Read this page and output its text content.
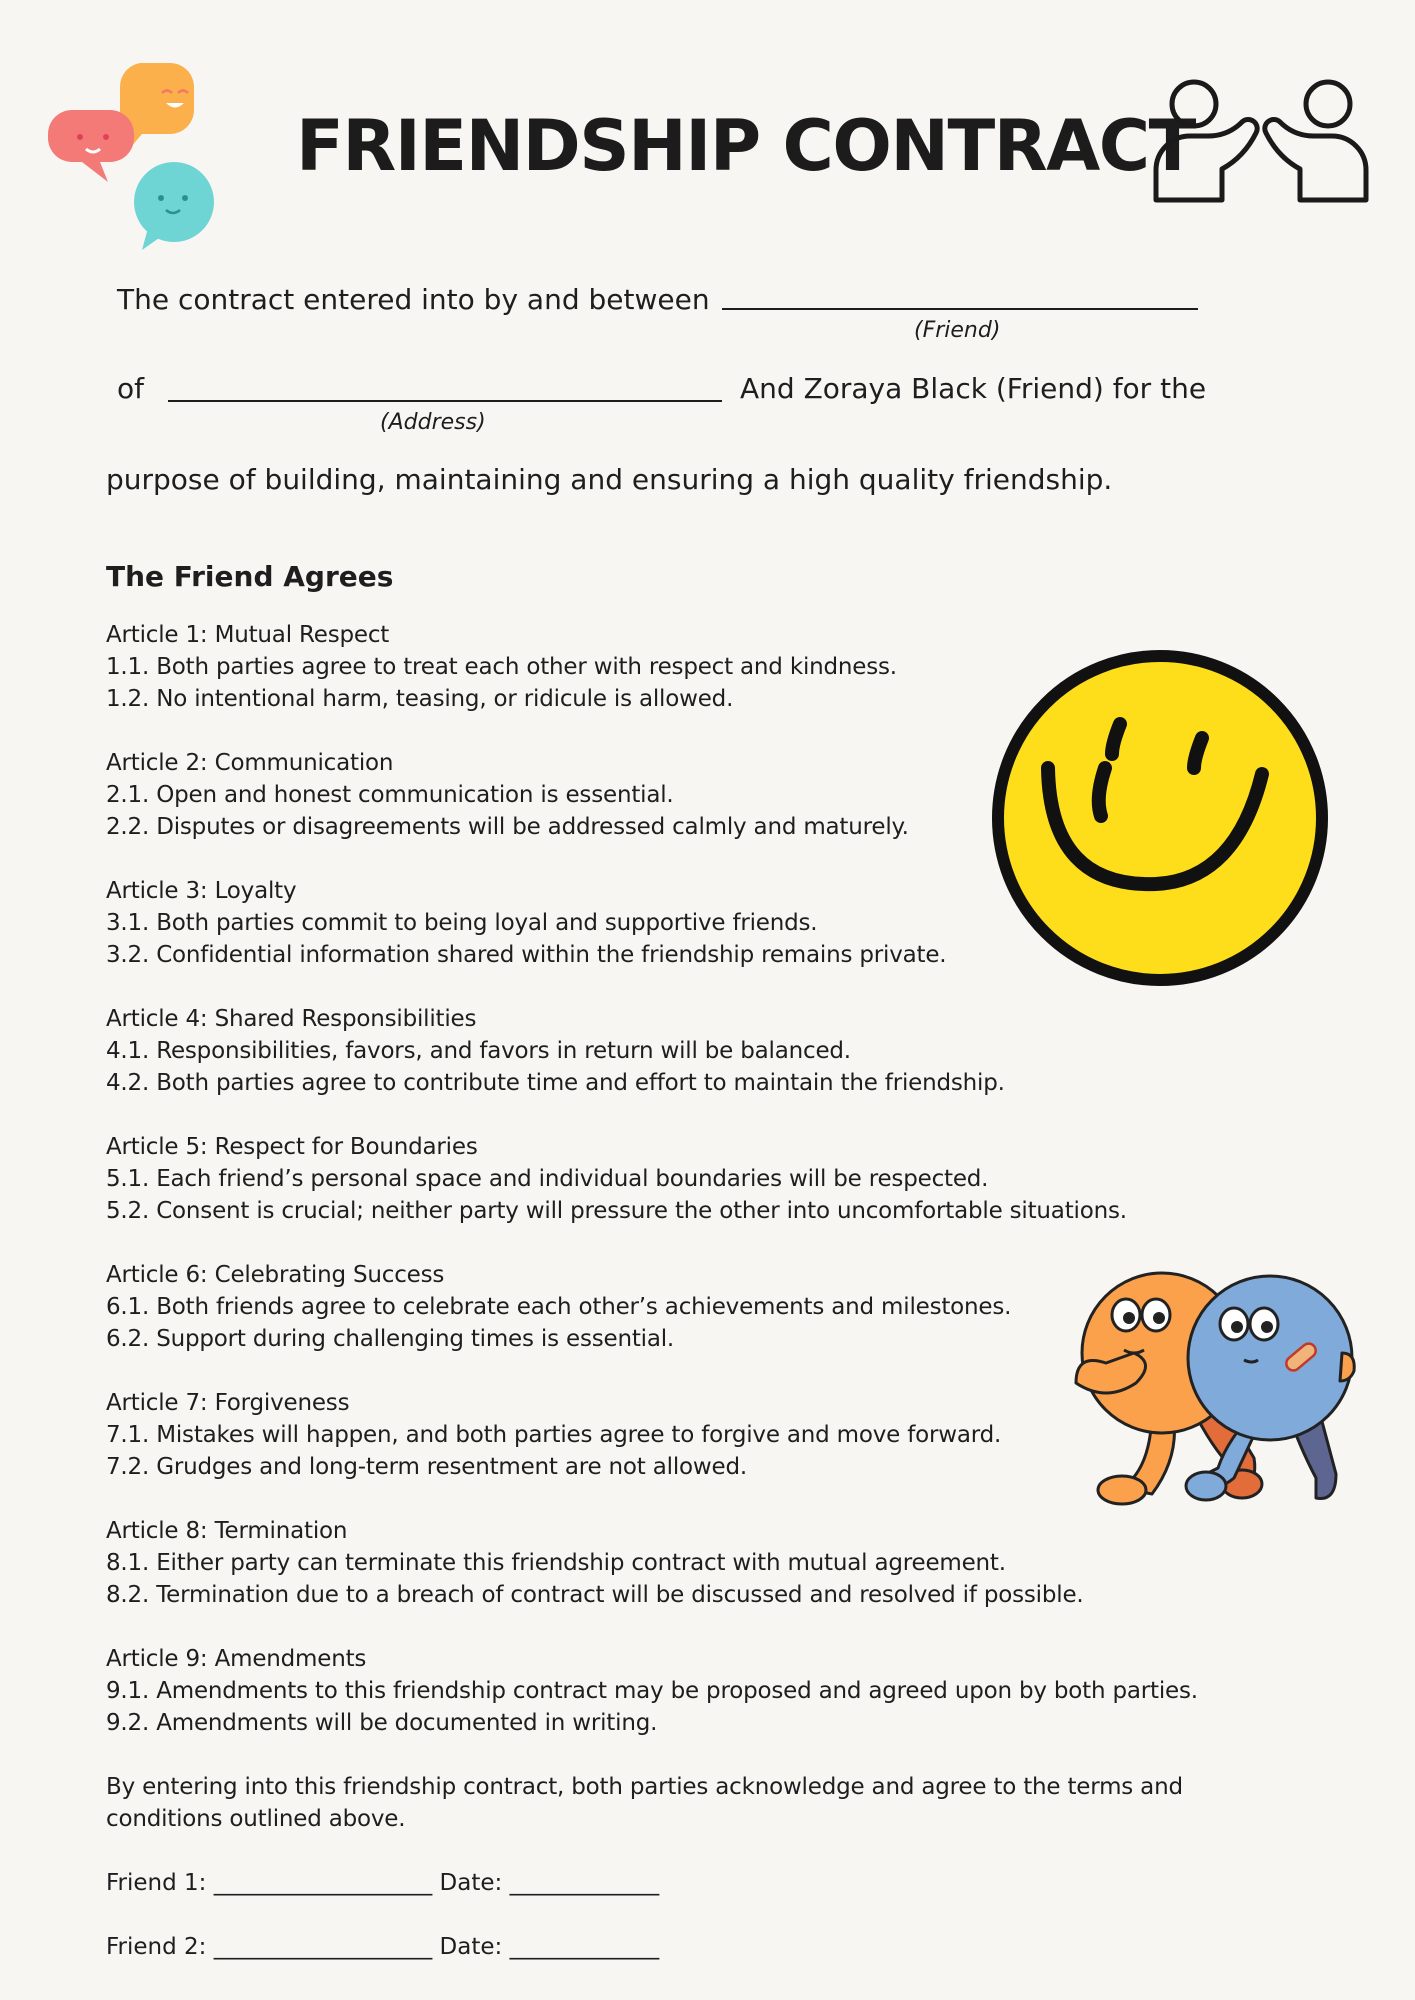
FRIENDSHIP CONTRACT
The contract entered into by and between
(Friend)
of
(Address)
And Zoraya Black (Friend) for the
purpose of building, maintaining and ensuring a high quality friendship.
The Friend Agrees
Article 1: Mutual Respect
1.1. Both parties agree to treat each other with respect and kindness.
1.2. No intentional harm, teasing, or ridicule is allowed.
Article 2: Communication
2.1. Open and honest communication is essential.
2.2. Disputes or disagreements will be addressed calmly and maturely.
Article 3: Loyalty
3.1. Both parties commit to being loyal and supportive friends.
3.2. Confidential information shared within the friendship remains private.
Article 4: Shared Responsibilities
4.1. Responsibilities, favors, and favors in return will be balanced.
4.2. Both parties agree to contribute time and effort to maintain the friendship.
Article 5: Respect for Boundaries
5.1. Each friend’s personal space and individual boundaries will be respected.
5.2. Consent is crucial; neither party will pressure the other into uncomfortable situations.
Article 6: Celebrating Success
6.1. Both friends agree to celebrate each other’s achievements and milestones.
6.2. Support during challenging times is essential.
Article 7: Forgiveness
7.1. Mistakes will happen, and both parties agree to forgive and move forward.
7.2. Grudges and long-term resentment are not allowed.
Article 8: Termination
8.1. Either party can terminate this friendship contract with mutual agreement.
8.2. Termination due to a breach of contract will be discussed and resolved if possible.
Article 9: Amendments
9.1. Amendments to this friendship contract may be proposed and agreed upon by both parties.
9.2. Amendments will be documented in writing.
By entering into this friendship contract, both parties acknowledge and agree to the terms and
conditions outlined above.
Friend 1: ___________________ Date: _____________
Friend 2: ___________________ Date: _____________
